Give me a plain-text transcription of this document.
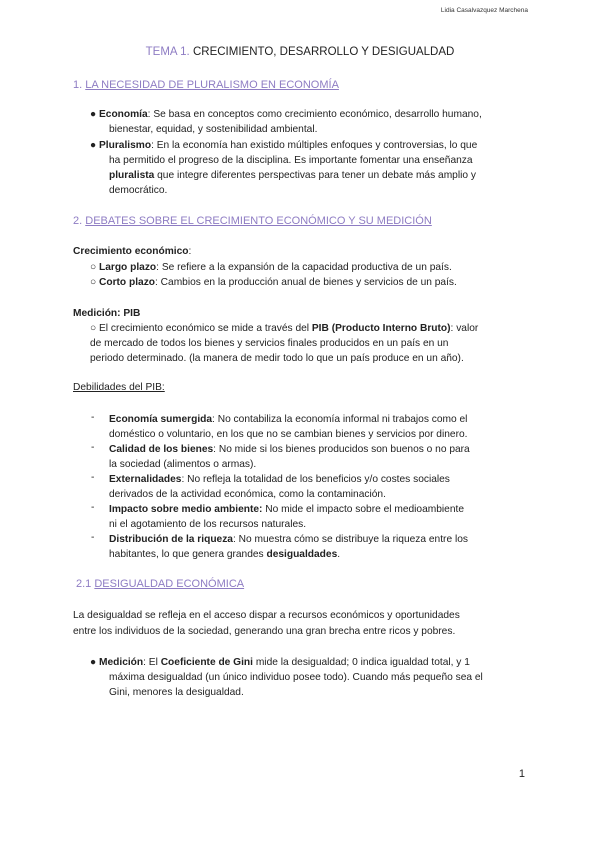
Lidia Casalvazquez Marchena
TEMA 1. CRECIMIENTO, DESARROLLO Y DESIGUALDAD
1. LA NECESIDAD DE PLURALISMO EN ECONOMÍA
● Economía: Se basa en conceptos como crecimiento económico, desarrollo humano,
bienestar, equidad, y sostenibilidad ambiental.
● Pluralismo: En la economía han existido múltiples enfoques y controversias, lo que
ha permitido el progreso de la disciplina. Es importante fomentar una enseñanza
pluralista que integre diferentes perspectivas para tener un debate más amplio y
democrático.
2. DEBATES SOBRE EL CRECIMIENTO ECONÓMICO Y SU MEDICIÓN
Crecimiento económico:
○ Largo plazo: Se refiere a la expansión de la capacidad productiva de un país.
○ Corto plazo: Cambios en la producción anual de bienes y servicios de un país.
Medición: PIB
○ El crecimiento económico se mide a través del PIB (Producto Interno Bruto): valor
de mercado de todos los bienes y servicios finales producidos en un país en un
periodo determinado. (la manera de medir todo lo que un país produce en un año).
Debilidades del PIB:
- Economía sumergida: No contabiliza la economía informal ni trabajos como el
doméstico o voluntario, en los que no se cambian bienes y servicios por dinero.
- Calidad de los bienes: No mide si los bienes producidos son buenos o no para
la sociedad (alimentos o armas).
- Externalidades: No refleja la totalidad de los beneficios y/o costes sociales
derivados de la actividad económica, como la contaminación.
- Impacto sobre medio ambiente: No mide el impacto sobre el medioambiente
ni el agotamiento de los recursos naturales.
- Distribución de la riqueza: No muestra cómo se distribuye la riqueza entre los
habitantes, lo que genera grandes desigualdades.
2.1 DESIGUALDAD ECONÓMICA
La desigualdad se refleja en el acceso dispar a recursos económicos y oportunidades
entre los individuos de la sociedad, generando una gran brecha entre ricos y pobres.
● Medición: El Coeficiente de Gini mide la desigualdad; 0 indica igualdad total, y 1
máxima desigualdad (un único individuo posee todo). Cuando más pequeño sea el
Gini, menores la desigualdad.
1
